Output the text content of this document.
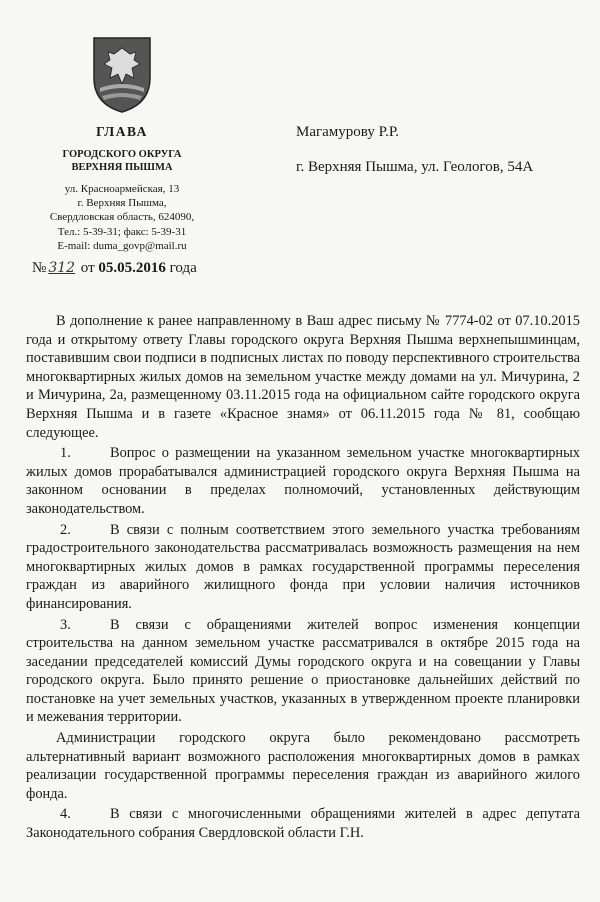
ГЛАВА
ГОРОДСКОГО ОКРУГА
ВЕРХНЯЯ ПЫШМА
ул. Красноармейская, 13
г. Верхняя Пышма,
Свердловская область, 624090,
Тел.: 5-39-31; факс: 5-39-31
E-mail: duma_govp@mail.ru
Магамурову Р.Р.
г. Верхняя Пышма, ул. Геологов, 54А
№ 312 от 05.05.2016 года

В дополнение к ранее направленному в Ваш адрес письму № 7774-02 от 07.10.2015 года и открытому ответу Главы городского округа Верхняя Пышма верхнепышминцам, поставившим свои подписи в подписных листах по поводу перспективного строительства многоквартирных жилых домов на земельном участке между домами на ул. Мичурина, 2 и Мичурина, 2а, размещенному 03.11.2015 года на официальном сайте городского округа Верхняя Пышма и в газете «Красное знамя» от 06.11.2015 года № 81, сообщаю следующее.

1.	Вопрос о размещении на указанном земельном участке многоквартирных жилых домов прорабатывался администрацией городского округа Верхняя Пышма на законном основании в пределах полномочий, установленных действующим законодательством.

2.	В связи с полным соответствием этого земельного участка требованиям градостроительного законодательства рассматривалась возможность размещения на нем многоквартирных жилых домов в рамках государственной программы переселения граждан из аварийного жилищного фонда при условии наличия источников финансирования.

3.	В связи с обращениями жителей вопрос изменения концепции строительства на данном земельном участке рассматривался в октябре 2015 года на заседании председателей комиссий Думы городского округа и на совещании у Главы городского округа. Было принято решение о приостановке дальнейших действий по постановке на учет земельных участков, указанных в утвержденном проекте планировки и межевания территории.

Администрации городского округа было рекомендовано рассмотреть альтернативный вариант возможного расположения многоквартирных домов в рамках реализации государственной программы переселения граждан из аварийного жилого фонда.

4.	В связи с многочисленными обращениями жителей в адрес депутата Законодательного собрания Свердловской области Г.Н.
